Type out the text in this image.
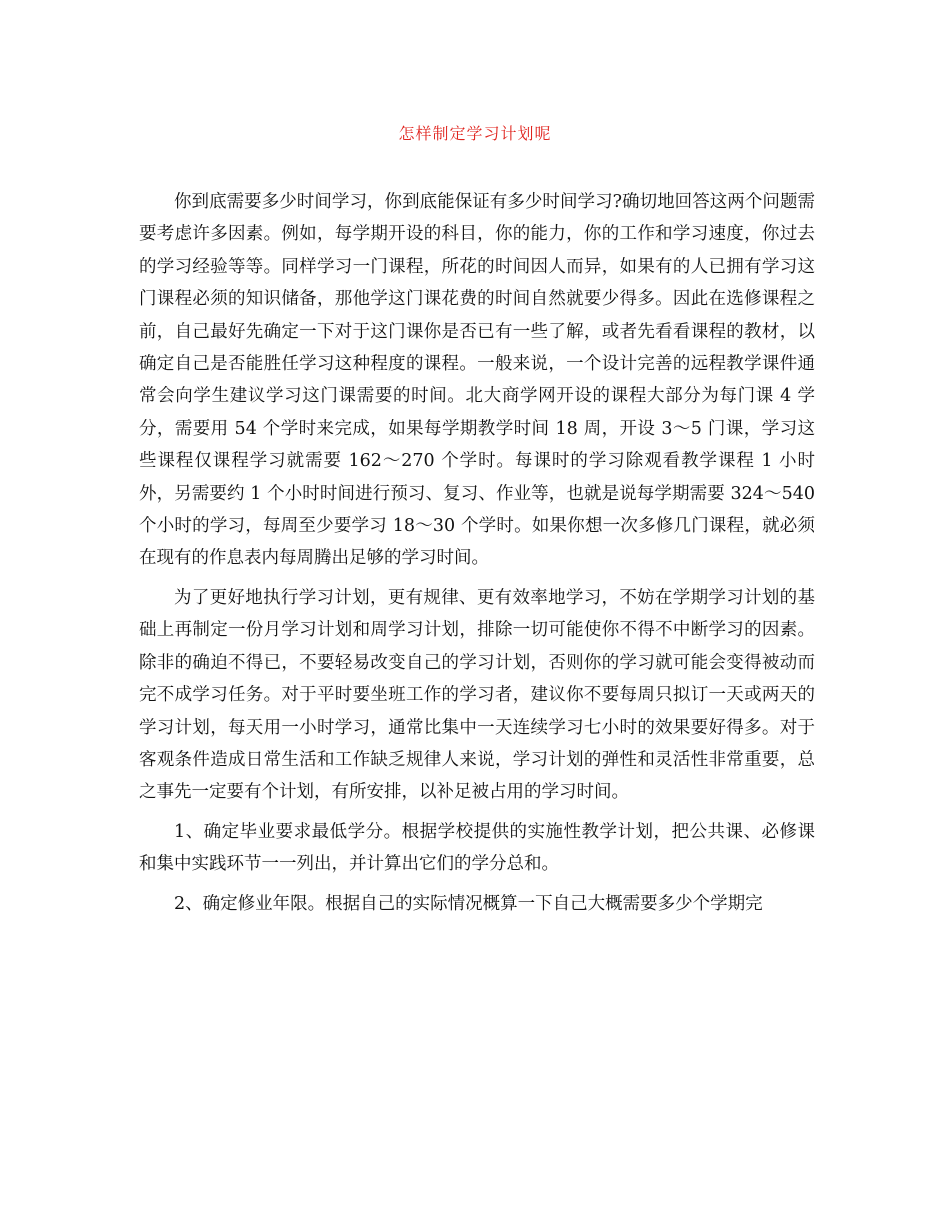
怎样制定学习计划呢

你到底需要多少时间学习，你到底能保证有多少时间学习?确切地回答这两个问题需要考虑许多因素。例如，每学期开设的科目，你的能力，你的工作和学习速度，你过去的学习经验等等。同样学习一门课程，所花的时间因人而异，如果有的人已拥有学习这门课程必须的知识储备，那他学这门课花费的时间自然就要少得多。因此在选修课程之前，自己最好先确定一下对于这门课你是否已有一些了解，或者先看看课程的教材，以确定自己是否能胜任学习这种程度的课程。一般来说，一个设计完善的远程教学课件通常会向学生建议学习这门课需要的时间。北大商学网开设的课程大部分为每门课 4 学分，需要用 54 个学时来完成，如果每学期教学时间 18 周，开设 3～5 门课，学习这些课程仅课程学习就需要 162～270 个学时。每课时的学习除观看教学课程 1 小时外，另需要约 1 个小时时间进行预习、复习、作业等，也就是说每学期需要 324～540 个小时的学习，每周至少要学习 18～30 个学时。如果你想一次多修几门课程，就必须在现有的作息表内每周腾出足够的学习时间。

为了更好地执行学习计划，更有规律、更有效率地学习，不妨在学期学习计划的基础上再制定一份月学习计划和周学习计划，排除一切可能使你不得不中断学习的因素。除非的确迫不得已，不要轻易改变自己的学习计划，否则你的学习就可能会变得被动而完不成学习任务。对于平时要坐班工作的学习者，建议你不要每周只拟订一天或两天的学习计划，每天用一小时学习，通常比集中一天连续学习七小时的效果要好得多。对于客观条件造成日常生活和工作缺乏规律人来说，学习计划的弹性和灵活性非常重要，总之事先一定要有个计划，有所安排，以补足被占用的学习时间。

1、确定毕业要求最低学分。根据学校提供的实施性教学计划，把公共课、必修课和集中实践环节一一列出，并计算出它们的学分总和。

2、确定修业年限。根据自己的实际情况概算一下自己大概需要多少个学期完
